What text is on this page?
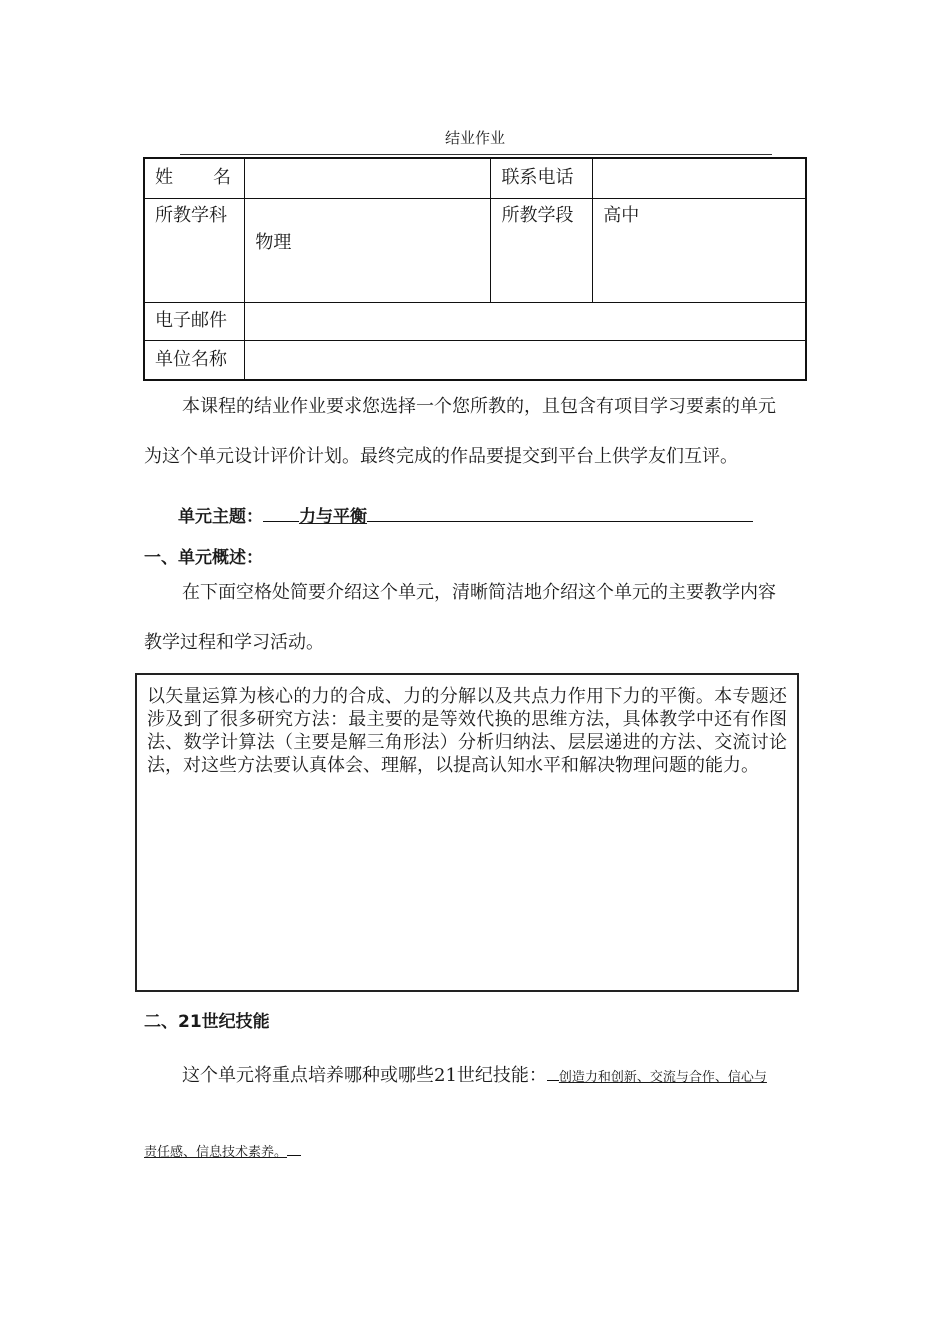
结业作业
姓 名		联系电话	
所教学科	物理	所教学段	高中
电子邮件			
单位名称			
本课程的结业作业要求您选择一个您所教的，且包含有项目学习要素的单元
为这个单元设计评价计划。最终完成的作品要提交到平台上供学友们互评。
单元主题： 力与平衡
一、单元概述：
在下面空格处简要介绍这个单元，清晰简洁地介绍这个单元的主要教学内容
教学过程和学习活动。
以矢量运算为核心的力的合成、力的分解以及共点力作用下力的平衡。本专题还涉及到了很多研究方法：最主要的是等效代换的思维方法，具体教学中还有作图法、数学计算法（主要是解三角形法）分析归纳法、层层递进的方法、交流讨论法，对这些方法要认真体会、理解，以提高认知水平和解决物理问题的能力。
二、21世纪技能
这个单元将重点培养哪种或哪些21世纪技能： 创造力和创新、交流与合作、信心与
责任感、信息技术素养。
